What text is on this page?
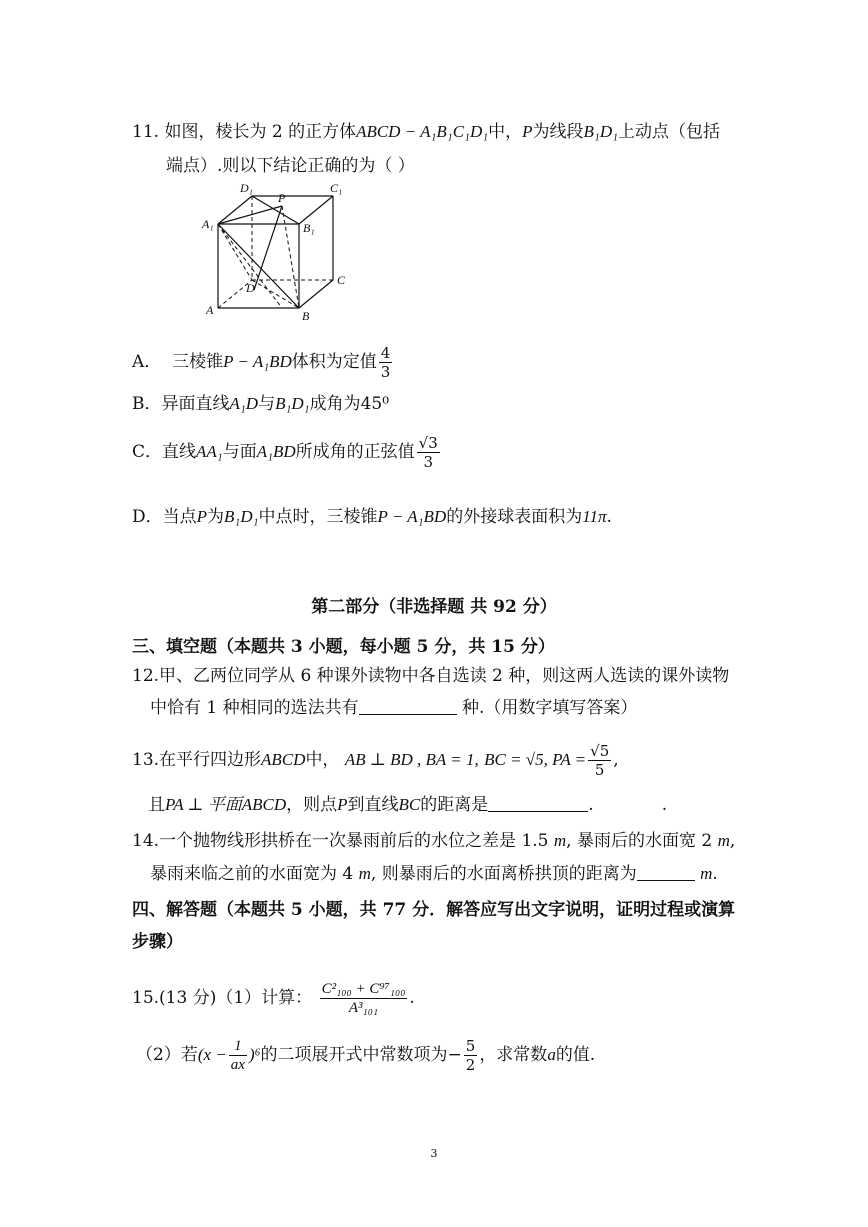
11. 如图，棱长为 2 的正方体ABCD − A₁B₁C₁D₁中，P为线段B₁D₁上动点（包括
端点）.则以下结论正确的为（ ）
D₁	C₁
P
A₁	B₁
D
C
A	B
A． 三棱锥P − A₁BD体积为定值 $\frac{4}{3}$
B．异面直线A₁D与B₁D₁成角为45⁰
C．直线AA₁与面A₁BD所成角的正弦值 $\frac{√3}{3}$
D．当点P为B₁D₁中点时，三棱锥P − A₁BD的外接球表面积为11π.
第二部分（非选择题 共 92 分）
三、填空题（本题共 3 小题，每小题 5 分，共 15 分）
12.甲、乙两位同学从 6 种课外读物中各自选读 2 种，则这两人选读的课外读物
中恰有 1 种相同的选法共有	种.（用数字填写答案）
13.在平行四边形ABCD中， AB ⊥ BD , BA = 1, BC = √5, PA = $\frac{√5}{5}$ ,
且PA ⊥ 平面ABCD，则点P到直线BC的距离是	.	.
14.一个抛物线形拱桥在一次暴雨前后的水位之差是 1.5 m, 暴雨后的水面宽 2 m,
暴雨来临之前的水面宽为 4 m, 则暴雨后的水面离桥拱顶的距离为	m.
四、解答题（本题共 5 小题，共 77 分．解答应写出文字说明，证明过程或演算
步骤）
15.(13 分)（1）计算： $\frac{\text{C²₁₀₀ + C⁹⁷₁₀₀}}{\text{A³₁₀₁}}$ .
（2）若$(x - \frac{1}{ax} )^6$的二项展开式中常数项为− $\frac{5}{2}$ ，求常数a的值.
3
